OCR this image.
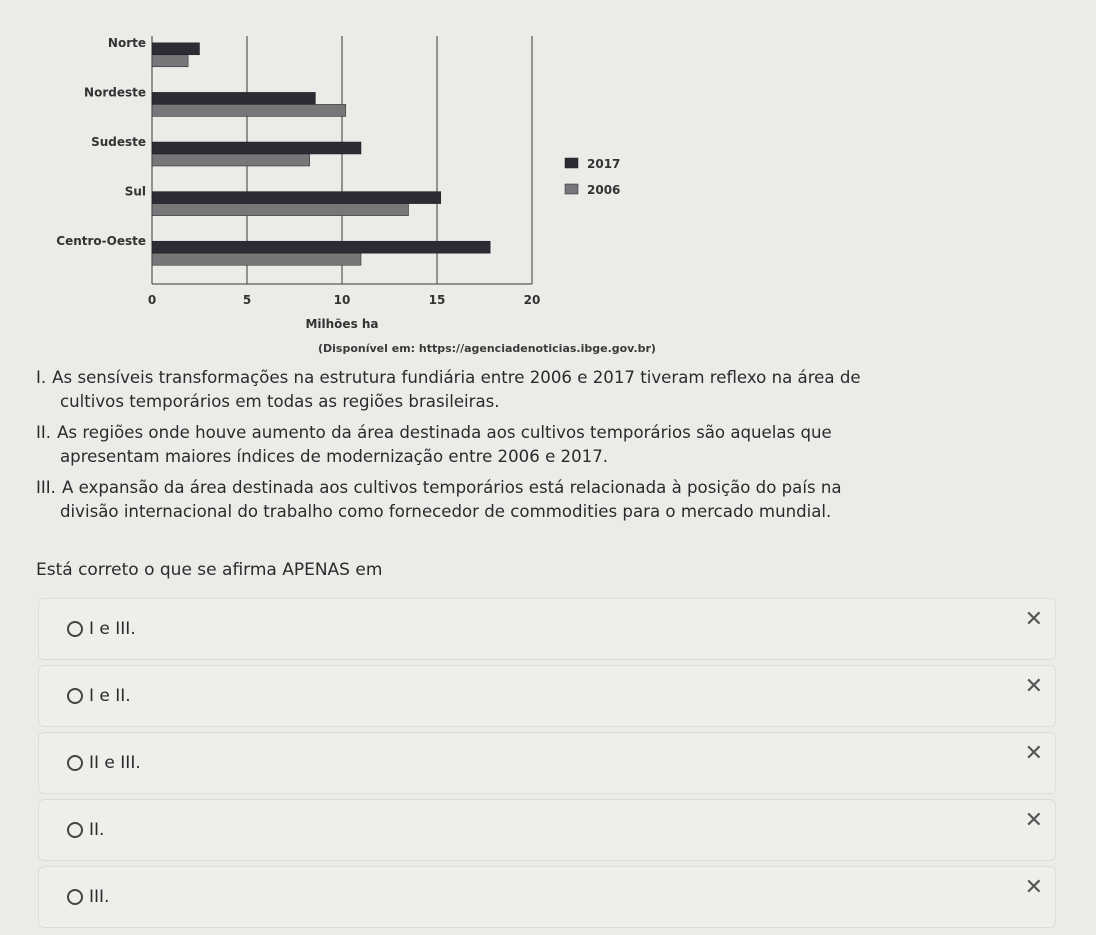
0	5	10	15	20
Milhões ha
Norte
Nordeste
Sudeste
Sul
Centro-Oeste
2017
2006
(Disponível em: https://agenciadenoticias.ibge.gov.br)

I. As sensíveis transformações na estrutura fundiária entre 2006 e 2017 tiveram reflexo na área de
cultivos temporários em todas as regiões brasileiras.

II. As regiões onde houve aumento da área destinada aos cultivos temporários são aquelas que
apresentam maiores índices de modernização entre 2006 e 2017.

III. A expansão da área destinada aos cultivos temporários está relacionada à posição do país na
divisão internacional do trabalho como fornecedor de commodities para o mercado mundial.

Está correto o que se afirma APENAS em
I e III.	✕
I e II.	✕
II e III.	✕
II.	✕
III.	✕
